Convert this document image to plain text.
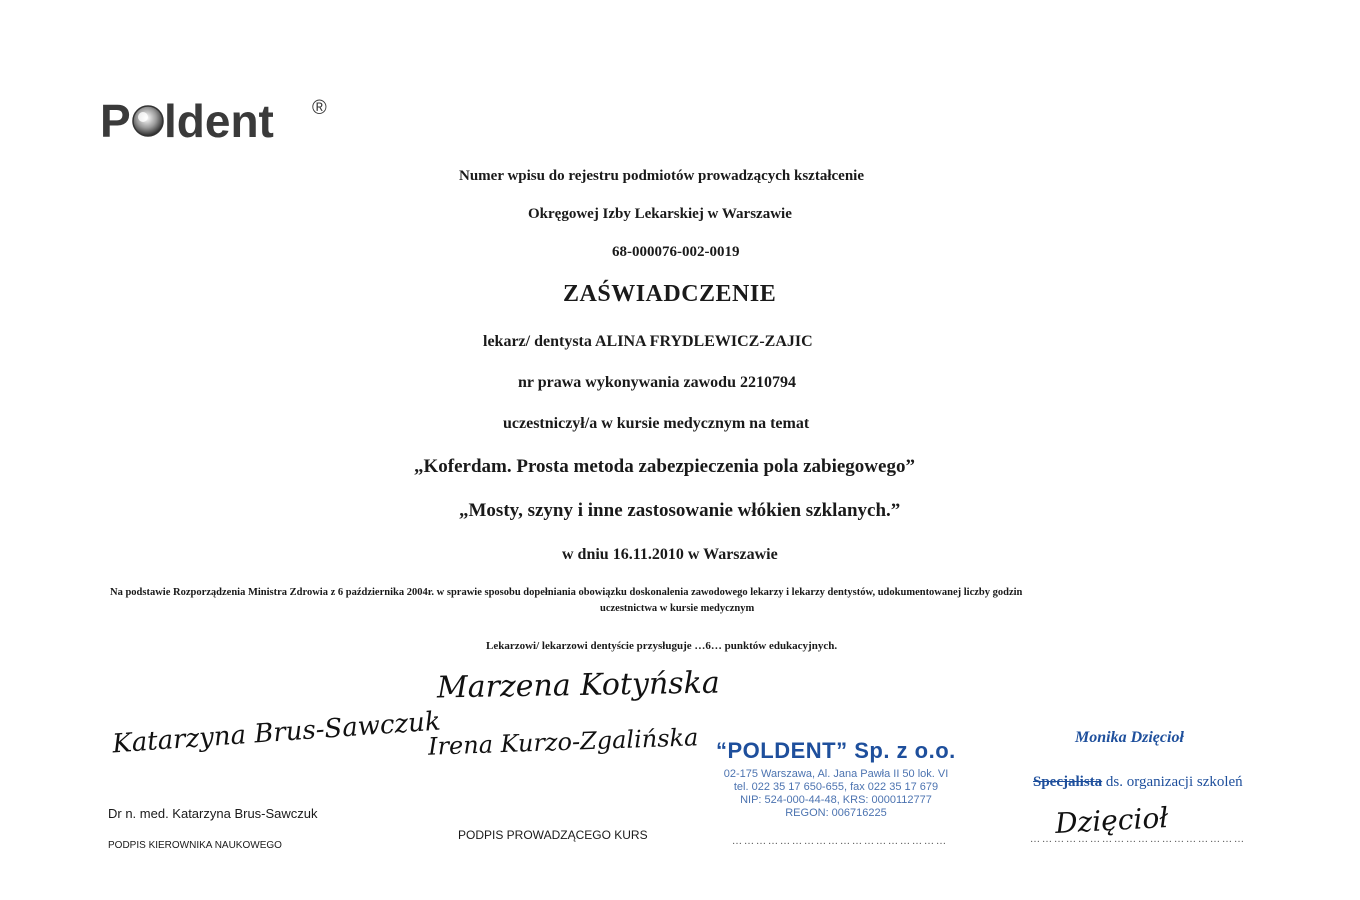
P ldent ®
Numer wpisu do rejestru podmiotów prowadzących kształcenie
Okręgowej Izby Lekarskiej w Warszawie
68-000076-002-0019
ZAŚWIADCZENIE
lekarz/ dentysta ALINA FRYDLEWICZ-ZAJIC
nr prawa wykonywania zawodu 2210794
uczestniczył/a w kursie medycznym na temat
„Koferdam. Prosta metoda zabezpieczenia pola zabiegowego”
„Mosty, szyny i inne zastosowanie włókien szklanych.”
w dniu 16.11.2010 w Warszawie
Na podstawie Rozporządzenia Ministra Zdrowia z 6 października 2004r. w sprawie sposobu dopełniania obowiązku doskonalenia zawodowego lekarzy i lekarzy dentystów, udokumentowanej liczby godzin
uczestnictwa w kursie medycznym
Lekarzowi/ lekarzowi dentyście przysługuje …6… punktów edukacyjnych.
Marzena Kotyńska
Irena Kurzo-Zgalińska
Katarzyna Brus-Sawczuk
Dr n. med. Katarzyna Brus-Sawczuk
PODPIS KIEROWNIKA NAUKOWEGO
PODPIS PROWADZĄCEGO KURS
“POLDENT” Sp. z o.o.
02-175 Warszawa, Al. Jana Pawła II 50 lok. VI
tel. 022 35 17 650-655, fax 022 35 17 679
NIP: 524-000-44-48, KRS: 0000112777
REGON: 006716225
………………………………………………
Monika Dzięcioł
Specjalista ds. organizacji szkoleń
Dzięcioł
………………………………………………
